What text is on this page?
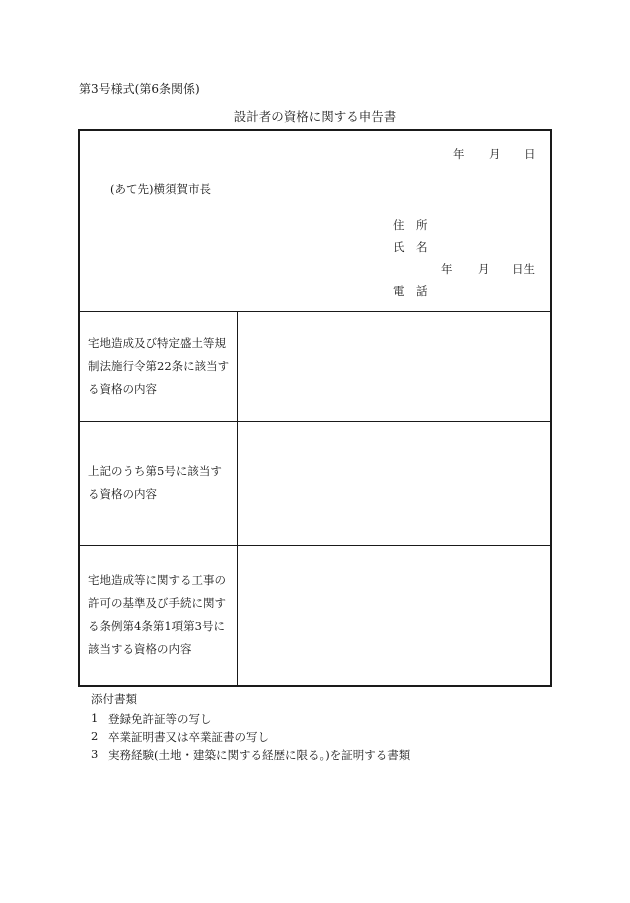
第3号様式(第6条関係)
設計者の資格に関する申告書
年 月 日
(あて先)横須賀市長
住　所
氏　名
年 月 日生
電　話
宅地造成及び特定盛土等規
制法施行令第22条に該当す
る資格の内容
上記のうち第5号に該当す
る資格の内容
宅地造成等に関する工事の
許可の基準及び手続に関す
る条例第4条第1項第3号に
該当する資格の内容
添付書類
1 登録免許証等の写し
2 卒業証明書又は卒業証書の写し
3 実務経験(土地・建築に関する経歴に限る。)を証明する書類
